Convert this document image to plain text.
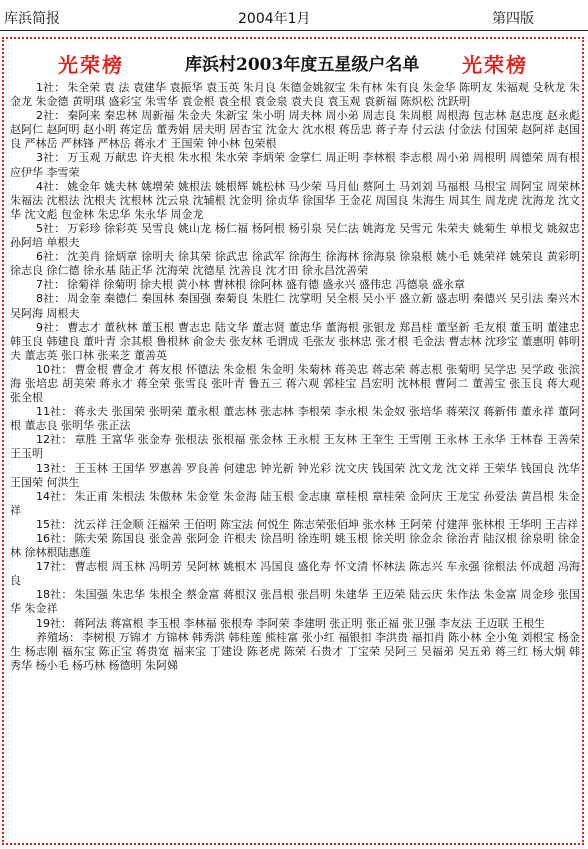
库浜简报	2004年1月	第四版
光荣榜	库浜村2003年度五星级户名单 光荣榜

1社： 朱全荣 袁 法 袁建华 袁振华 袁玉英 朱月良 朱德金姚叙宝 朱有林 朱有良 朱金华 陈明友 朱福观 殳秋龙 朱金龙 朱金德 黄明琪 盛彩宝 朱雪华 袁金根 袁全根 袁金泉 袁夫良 袁玉观 袁新福 陈炽松 沈跃明

2社： 秦阿来 秦忠林 周新福 朱金夫 朱新宝 朱小明 周夫林 周小弟 周志良 朱周根 周根海 包志林 赵忠度 赵永彪 赵阿仁 赵阿明 赵小明 蒋定岳 董秀娟 居夫明 居杏宝 沈金大 沈水根 蒋岳忠 蒋子寿 付云法 付金法 付国荣 赵阿祥 赵国良 严林岳 严林锋 严林岳 蒋永才 王国荣 钟小林 包荣根

3社： 万玉观 万献忠 许夫根 朱水根 朱水荣 李炳荣 金掌仁 周正明 李林根 李志根 周小弟 周根明 周德荣 周有根 应伊华 李雪荣

4社： 姚金年 姚夫林 姚增荣 姚根法 姚根辉 姚松林 马少荣 马月仙 蔡阿土 马刘刘 马福根 马根宝 周阿宝 周荣林 朱福法 沈根法 沈根夫 沈根林 沈云泉 沈辅根 沈金明 徐贞华 徐国华 王金花 周国良 朱海生 周其生 周龙虎 沈海龙 沈文华 沈文彪 包金林 朱忠华 朱永华 周金龙

5社： 万彩珍 徐彩英 吴雪良 姚山龙 杨仁福 杨阿根 杨引泉 吴仁法 姚海龙 吴雪元 朱荣夫 姚菊生 单根戈 姚叙忠 孙阿培 单根夫

6社： 沈美肖 徐炳章 徐明夫 徐其荣 徐武忠 徐武军 徐海生 徐海林 徐海泉 徐泉根 姚小毛 姚荣祥 姚荣良 黄彩明 徐志良 徐仁德 徐永基 陆正华 沈海荣 沈德星 沈善良 沈才田 徐永昌沈善荣

7社： 徐菊祥 徐菊明 徐夫根 黄小林 曹林根 徐阿林 盛有德 盛永兴 盛伟忠 冯德泉 盛永章

8社： 周金奎 秦德仁 秦国林 秦国强 秦菊良 朱胜仁 沈掌明 吴全根 吴小平 盛立新 盛志明 秦德兴 吴引法 秦兴木 吴阿海 周根夫

9社： 曹志才 董秋林 董玉根 曹志忠 陆文华 董志贤 董忠华 董海根 张银龙 郑昌桂 董坚新 毛友根 董玉明 董建忠 韩玉良 韩建良 董叶青 余其根 鲁根林 俞金夫 张友林 毛谓成 毛张友 张林忠 张才根 毛金法 曹志林 沈珍宝 董惠明 韩明夫 董志英 张口林 张来芝 董善英

10社： 曹金根 曹金才 蒋友根 怀德法 朱金根 朱金明 朱菊林 蒋美忠 蒋志荣 蒋志根 张菊明 吴学忠 吴学政 张滨海 张培忠 胡美荣 蒋永才 蒋全荣 张雪良 张叶青 鲁五三 蒋六观 郭桂宝 昌宏明 沈林根 曹阿二 董善宝 张玉良 蒋大观 张全根

11社： 蒋永夫 张国荣 张明荣 董永根 董志林 张志林 李根荣 李永根 朱金奴 张培华 蒋荣汉 蒋新伟 董永祥 董阿根 董志良 张明华 张正法

12社： 章胜 王富华 张金寿 张根法 张根福 张金林 王永根 王友林 王奎生 王雪刚 王永林 王永华 王林春 王善荣 王玉明

13社： 王玉林 王国华 罗惠善 罗良善 何建忠 钟光新 钟光彩 沈文庆 钱国荣 沈文龙 沈文祥 王荣华 钱国良 沈华 王国荣 何洪生

14社： 朱正甫 朱根法 朱傲林 朱金堂 朱金海 陆玉根 金志康 章桂根 章桂荣 金阿庆 王龙宝 孙爱法 黄昌根 朱金祥

15社： 沈云祥 汪金顺 汪福荣 王佰明 陈宝法 何悦生 陈志荣张佰坤 张水林 王阿荣 付建萍 张林根 王华明 王吉祥

16社： 陈夫荣 陈国良 张金善 张阿金 许根夫 徐昌明 徐连明 姚玉根 徐关明 徐金余 徐治青 陆汉根 徐泉明 徐金林 徐林根陆惠莲

17社： 曹志根 周玉林 冯明芳 吴阿林 姚根木 冯国良 盛化寿 怀文清 怀林法 陈志兴 车永强 徐根法 怀成超 冯海良

18社： 朱国强 朱忠华 朱根全 蔡金富 蒋根汉 张昌根 张昌明 朱建华 王迈荣 陆云庆 朱作法 朱金富 周金珍 张国华 朱金祥

19社： 蒋阿法 蒋富根 李玉根 李林福 张根寿 李阿荣 李建明 张正明 张正福 张卫强 李友法 王迈联 王根生

养殖场： 李树根 万锦才 方锦林 韩秀洪 韩桂莲 熊桂富 张小红 福银扣 李洪贵 福扣肖 陈小林 全小兔 刘根宝 杨金生 杨志刚 福东宝 陈正宝 蒋贵宽 福来宝 丁建设 陈老虎 陈荣 石贵才 丁宝荣 吴阿三 吴福弟 吴五弟 蒋三红 杨大炯 韩秀华 杨小毛 杨巧林 杨德明 朱阿娣
